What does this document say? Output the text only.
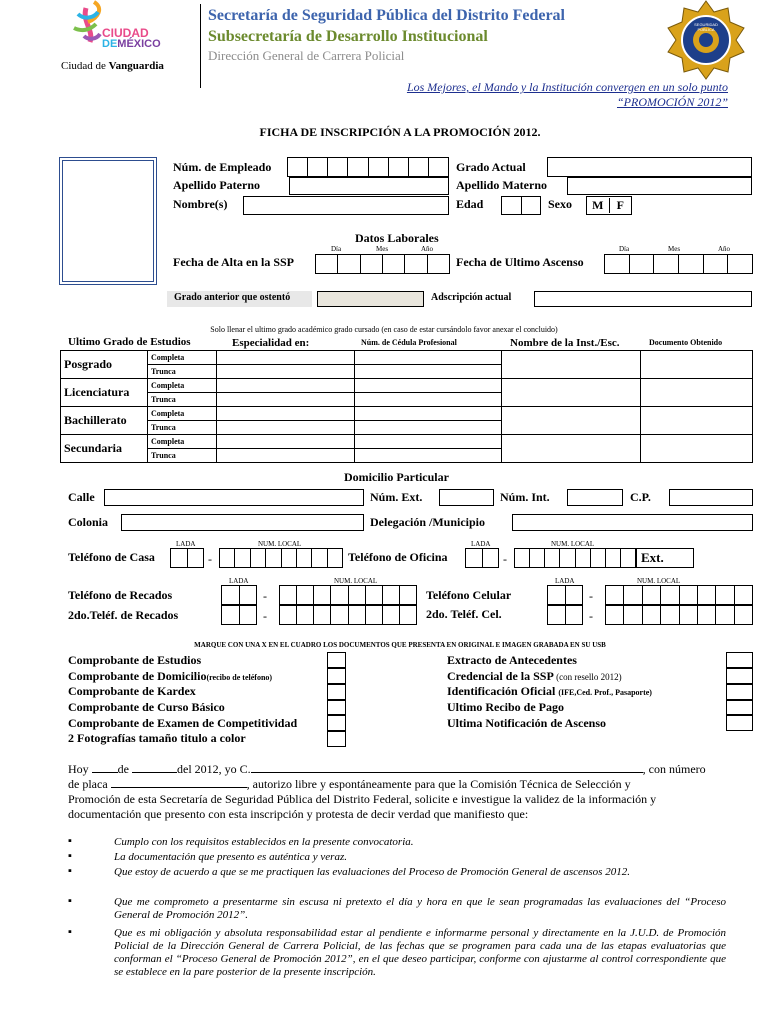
CIUDAD
DEMÉXICO
Ciudad de Vanguardia
Secretaría de Seguridad Pública del Distrito Federal
Subsecretaría de Desarrollo Institucional
Dirección General de Carrera Policial
SEGURIDAD PÚBLICA
Los Mejores, el Mando y la Institución convergen en un solo punto
“PROMOCIÓN 2012”
FICHA DE INSCRIPCIÓN A LA PROMOCIÓN 2012.
Núm. de Empleado
Apellido Paterno
Nombre(s)
Grado Actual
Apellido Materno
Edad	Sexo	M	F
Datos Laborales
Día	Mes	Año
Fecha de Alta en la SSP
Día	Mes	Año
Fecha de Ultimo Ascenso
Grado anterior que ostentó	Adscripción actual
Solo llenar el ultimo grado académico grado cursado (en caso de estar cursándolo favor anexar el concluido)
Ultimo Grado de Estudios	Especialidad en:	Núm. de Cédula Profesional	Nombre de la Inst./Esc.	Documento Obtenido
Posgrado	Completa				
	Trunca				
Licenciatura	Completa				
	Trunca				
Bachillerato	Completa				
	Trunca				
Secundaria	Completa				
	Trunca				
Domicilio Particular
Calle	Núm. Ext.	Núm. Int.	C.P.
Colonia	Delegación /Municipio
LADA	NUM. LOCAL
Teléfono de Casa	-
LADA	NUM. LOCAL
Teléfono de Oficina	-	Ext.
LADA	NUM. LOCAL
Teléfono de Recados
2do.Teléf. de Recados
-
-
LADA	NUM. LOCAL
Teléfono Celular
2do. Teléf. Cel.
-
-
MARQUE CON UNA X EN EL CUADRO LOS DOCUMENTOS QUE PRESENTA EN ORIGINAL E IMAGEN GRABADA EN SU USB
Comprobante de Estudios
Comprobante de Domicilio(recibo de teléfono)
Comprobante de Kardex
Comprobante de Curso Básico
Comprobante de Examen de Competitividad
2 Fotografías tamaño titulo a color
Extracto de Antecedentes
Credencial de la SSP (con resello 2012)
Identificación Oficial (IFE,Ced. Prof., Pasaporte)
Ultimo Recibo de Pago
Ultima Notificación de Ascenso
Hoy de	del 2012, yo C.	, con número
de placa	, autorizo libre y espontáneamente para que la Comisión Técnica de Selección y
Promoción de esta Secretaría de Seguridad Pública del Distrito Federal, solicite e investigue la validez de la información y
documentación que presento con esta inscripción y protesta de decir verdad que manifiesto que:
▪	Cumplo con los requisitos establecidos en la presente convocatoria.
▪	La documentación que presento es auténtica y veraz.
▪	Que estoy de acuerdo a que se me practiquen las evaluaciones del Proceso de Promoción General de ascensos 2012.
▪	Que me comprometo a presentarme sin escusa ni pretexto el día y hora en que le sean programadas las evaluaciones del “Proceso General de Promoción 2012”.
▪	Que es mi obligación y absoluta responsabilidad estar al pendiente e informarme personal y directamente en la J.U.D. de Promoción Policial de la Dirección General de Carrera Policial, de las fechas que se programen para cada una de las etapas evaluatorias que conforman el “Proceso General de Promoción 2012”, en el que deseo participar, conforme con ajustarme al control correspondiente que se establece en la pare posterior de la presente inscripción.
